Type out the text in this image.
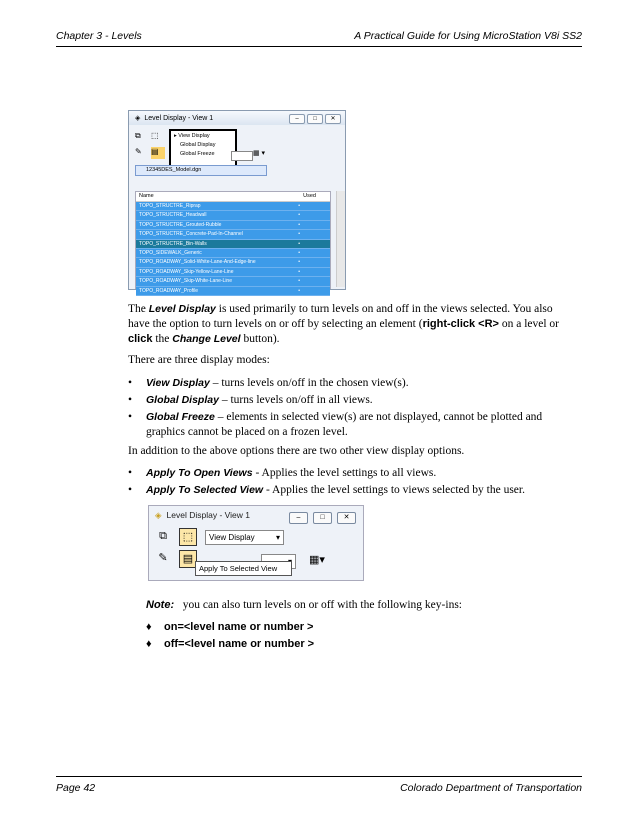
Chapter 3 - Levels	A Practical Guide for Using MicroStation V8i SS2
◈ Level Display - View 1	–	□	✕
⧉	⬚
✎	▤
▸ View Display
Global Display
Global Freeze	▦ ▾
12345DES_Model.dgn
Name	Used
TOPO_STRUCTRE_Riprap	•
TOPO_STRUCTRE_Headwall	•
TOPO_STRUCTRE_Grouted-Rubble	•
TOPO_STRUCTRE_Concrete-Pad-In-Channel	•
TOPO_STRUCTRE_Bin-Walls	•
TOPO_SIDEWALK_Generic	•
TOPO_ROADWAY_Solid-White-Lane-And-Edge-line	•
TOPO_ROADWAY_Skip-Yellow-Lane-Line	•
TOPO_ROADWAY_Skip-White-Lane-Line	•
TOPO_ROADWAY_Profile	•
The Level Display is used primarily to turn levels on and off in the views selected. You also have the option to turn levels on or off by selecting an element (right-click <R> on a level or click the Change Level button).
There are three display modes:
• View Display – turns levels on/off in the chosen view(s).
• Global Display – turns levels on/off in all views.
• Global Freeze – elements in selected view(s) are not displayed, cannot be plotted and graphics cannot be placed on a frozen level.
In addition to the above options there are two other view display options.
• Apply To Open Views - Applies the level settings to all views.
• Apply To Selected View - Applies the level settings to views selected by the user.
◈ Level Display - View 1	–	□	✕
⧉	⬚	View Display	▾
✎	▤	▦▾
Apply To Selected View
Note: you can also turn levels on or off with the following key-ins:
♦ on=<level name or number >
♦ off=<level name or number >
Page 42	Colorado Department of Transportation
